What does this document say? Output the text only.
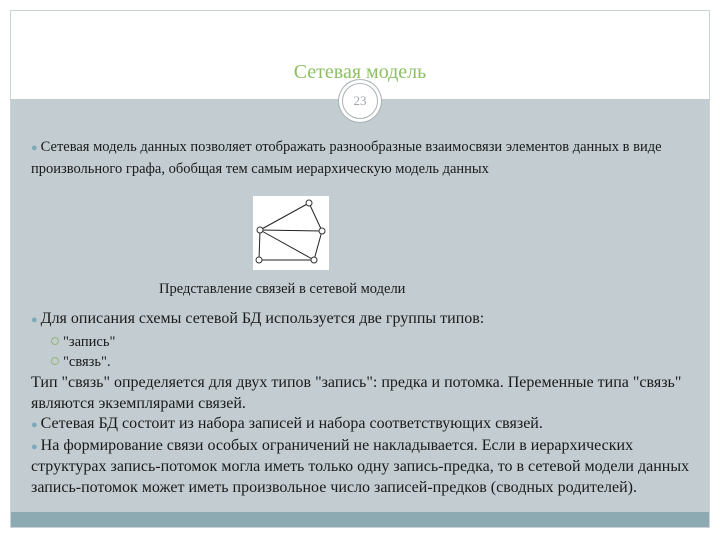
Сетевая модель

● Сетевая модель данных позволяет отображать разнообразные взаимосвязи элементов данных в виде произвольного графа, обобщая тем самым иерархическую модель данных

Представление связей в сетевой модели

● Для описания схемы сетевой БД используется две группы типов:

"запись"
"связь".
Тип "связь" определяется для двух типов "запись": предка и потомка. Переменные типа "связь" являются экземплярами связей.
● Сетевая БД состоит из набора записей и набора соответствующих связей.
● На формирование связи особых ограничений не накладывается. Если в иерархических структурах запись-потомок могла иметь только одну запись-предка, то в сетевой модели данных запись-потомок может иметь произвольное число записей-предков (сводных родителей).
23
